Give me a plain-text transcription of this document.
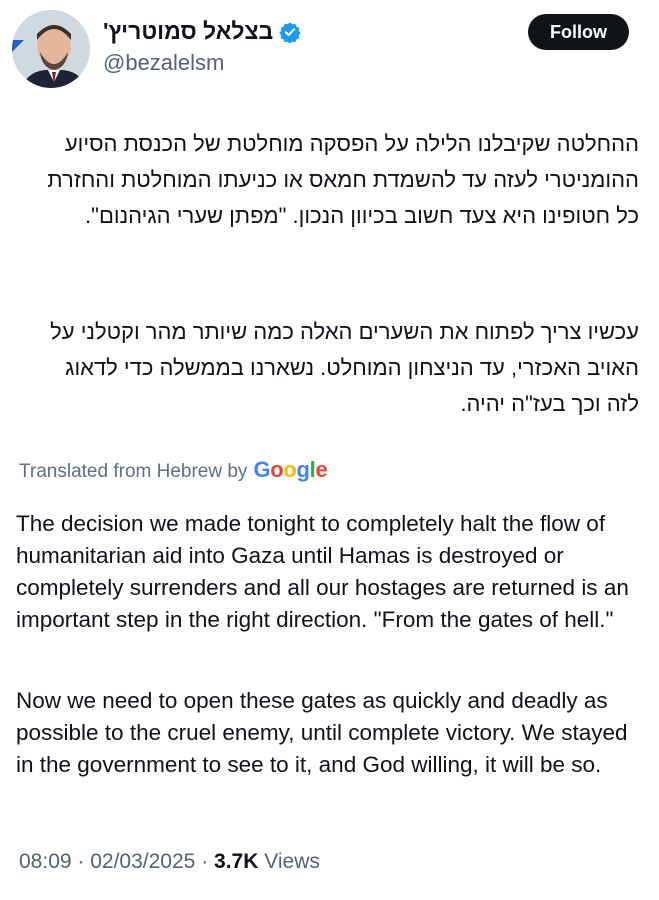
בצלאל סמוטריץ'
@bezalelsm
Follow

ההחלטה שקיבלנו הלילה על הפסקה מוחלטת של הכנסת הסיוע ההומניטרי לעזה עד להשמדת חמאס או כניעתו המוחלטת והחזרת כל חטופינו היא צעד חשוב בכיוון הנכון. "מפתן שערי הגיהנום".

עכשיו צריך לפתוח את השערים האלה כמה שיותר מהר וקטלני על האויב האכזרי, עד הניצחון המוחלט. נשארנו בממשלה כדי לדאוג לזה וכך בעז"ה יהיה.

Translated from Hebrew by Google

The decision we made tonight to completely halt the flow of humanitarian aid into Gaza until Hamas is destroyed or completely surrenders and all our hostages are returned is an important step in the right direction. "From the gates of hell."

Now we need to open these gates as quickly and deadly as possible to the cruel enemy, until complete victory. We stayed in the government to see to it, and God willing, it will be so.

08:09 · 02/03/2025 · 3.7K Views
